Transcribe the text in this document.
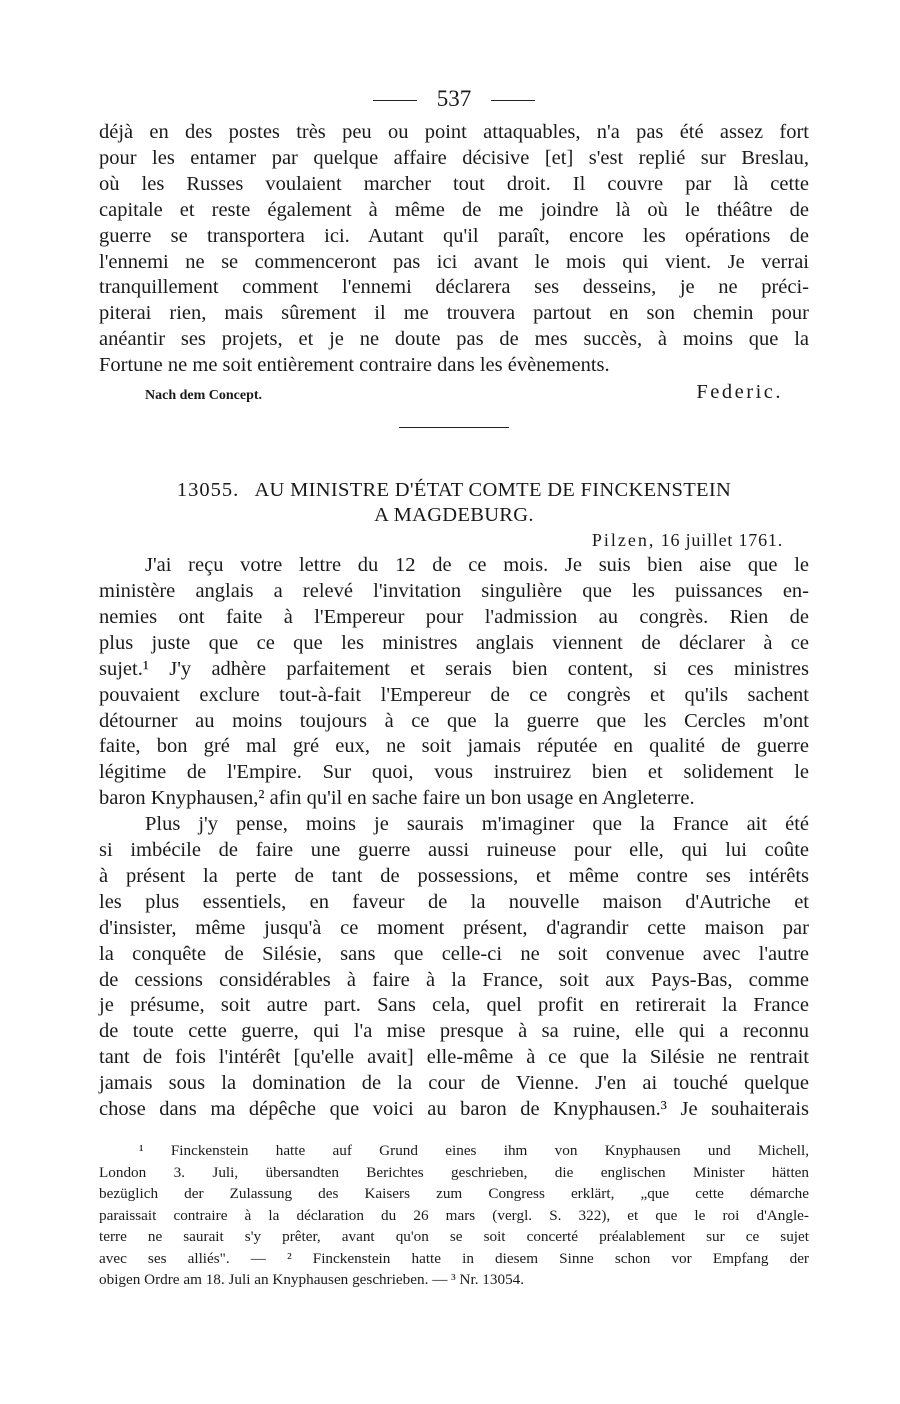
537

déjà en des postes très peu ou point attaquables, n'a pas été assez fort
pour les entamer par quelque affaire décisive [et] s'est replié sur Breslau,
où les Russes voulaient marcher tout droit. Il couvre par là cette
capitale et reste également à même de me joindre là où le théâtre de
guerre se transportera ici. Autant qu'il paraît, encore les opérations de
l'ennemi ne se commenceront pas ici avant le mois qui vient. Je verrai
tranquillement comment l'ennemi déclarera ses desseins, je ne préci-
piterai rien, mais sûrement il me trouvera partout en son chemin pour
anéantir ses projets, et je ne doute pas de mes succès, à moins que la
Fortune ne me soit entièrement contraire dans les évènements.

Nach dem Concept.	Federic.
13055. AU MINISTRE D'ÉTAT COMTE DE FINCKENSTEIN
A MAGDEBURG.
Pilzen, 16 juillet 1761.

J'ai reçu votre lettre du 12 de ce mois. Je suis bien aise que le
ministère anglais a relevé l'invitation singulière que les puissances en-
nemies ont faite à l'Empereur pour l'admission au congrès. Rien de
plus juste que ce que les ministres anglais viennent de déclarer à ce
sujet.¹ J'y adhère parfaitement et serais bien content, si ces ministres
pouvaient exclure tout-à-fait l'Empereur de ce congrès et qu'ils sachent
détourner au moins toujours à ce que la guerre que les Cercles m'ont
faite, bon gré mal gré eux, ne soit jamais réputée en qualité de guerre
légitime de l'Empire. Sur quoi, vous instruirez bien et solidement le
baron Knyphausen,² afin qu'il en sache faire un bon usage en Angleterre.

Plus j'y pense, moins je saurais m'imaginer que la France ait été
si imbécile de faire une guerre aussi ruineuse pour elle, qui lui coûte
à présent la perte de tant de possessions, et même contre ses intérêts
les plus essentiels, en faveur de la nouvelle maison d'Autriche et
d'insister, même jusqu'à ce moment présent, d'agrandir cette maison par
la conquête de Silésie, sans que celle-ci ne soit convenue avec l'autre
de cessions considérables à faire à la France, soit aux Pays-Bas, comme
je présume, soit autre part. Sans cela, quel profit en retirerait la France
de toute cette guerre, qui l'a mise presque à sa ruine, elle qui a reconnu
tant de fois l'intérêt [qu'elle avait] elle-même à ce que la Silésie ne rentrait
jamais sous la domination de la cour de Vienne. J'en ai touché quelque
chose dans ma dépêche que voici au baron de Knyphausen.³ Je souhaiterais

¹ Finckenstein hatte auf Grund eines ihm von Knyphausen und Michell,
London 3. Juli, übersandten Berichtes geschrieben, die englischen Minister hätten
bezüglich der Zulassung des Kaisers zum Congress erklärt, „que cette démarche
paraissait contraire à la déclaration du 26 mars (vergl. S. 322), et que le roi d'Angle-
terre ne saurait s'y prêter, avant qu'on se soit concerté préalablement sur ce sujet
avec ses alliés". — ² Finckenstein hatte in diesem Sinne schon vor Empfang der
obigen Ordre am 18. Juli an Knyphausen geschrieben. — ³ Nr. 13054.
